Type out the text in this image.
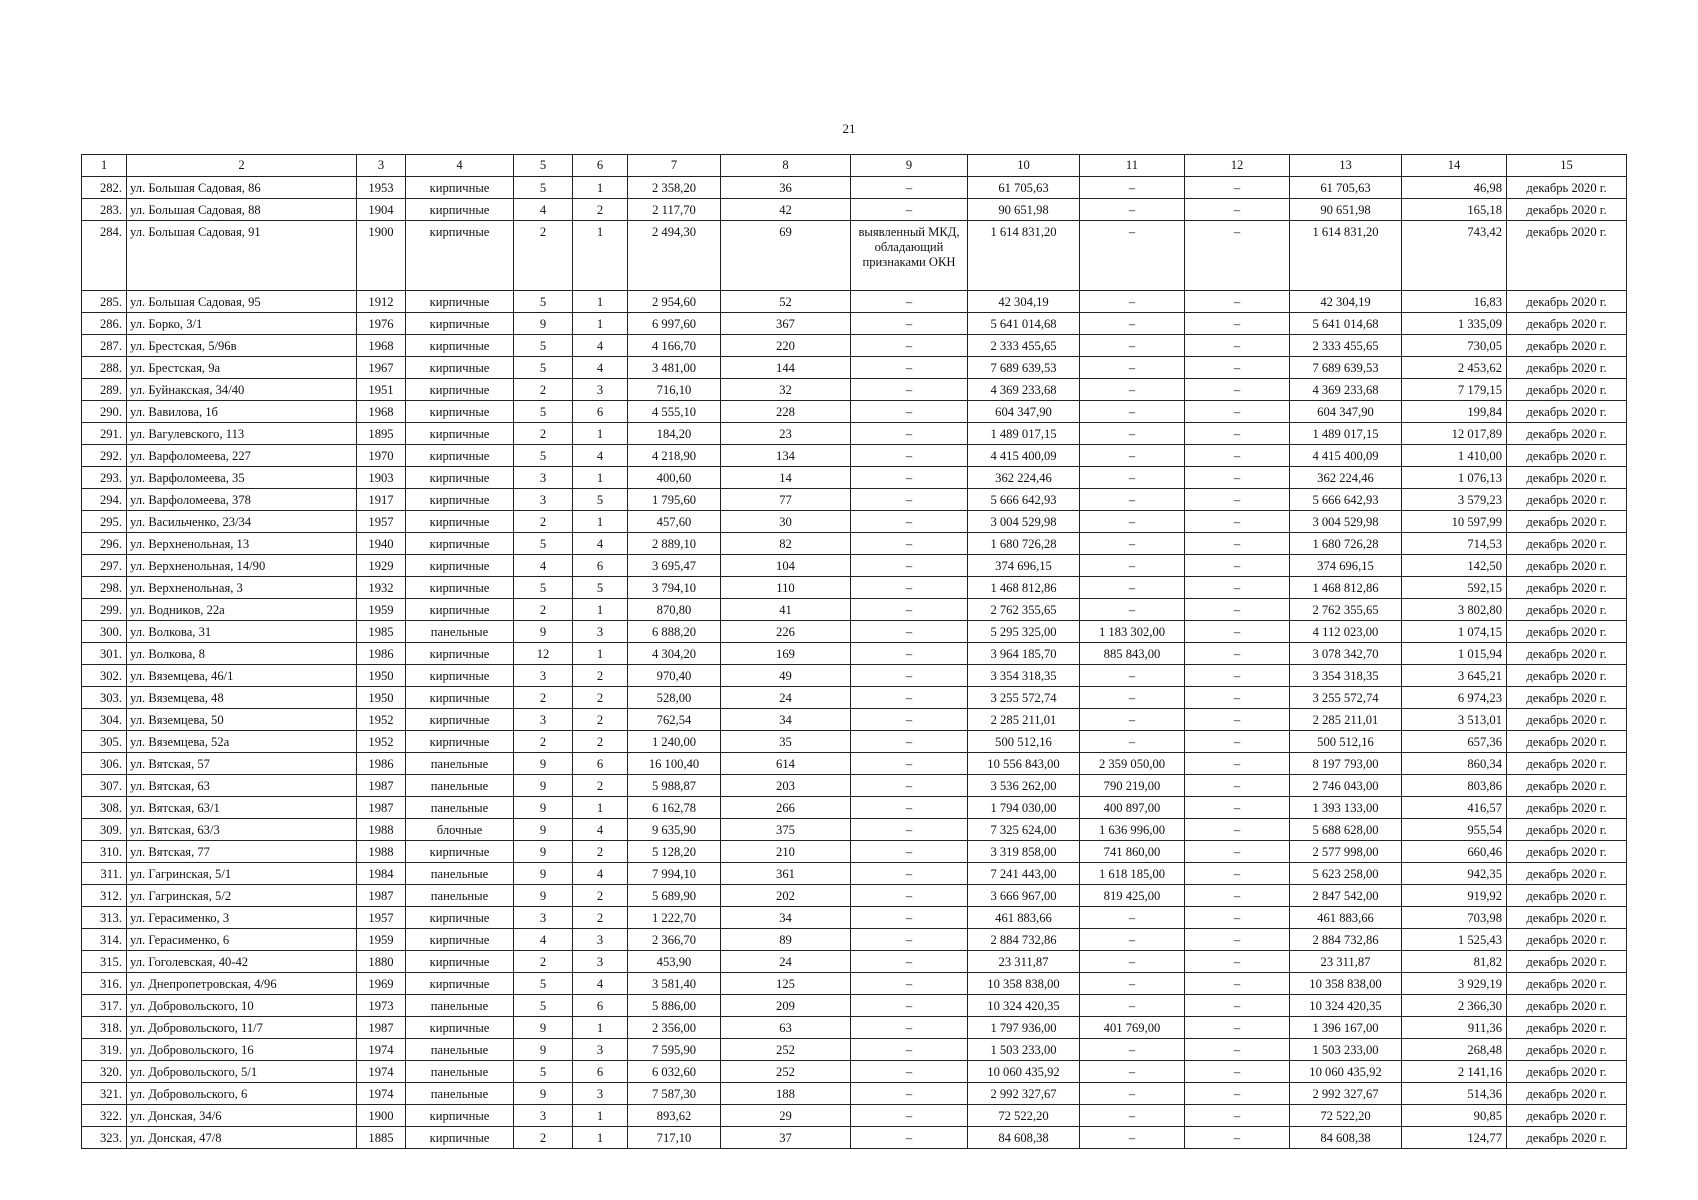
21
1	2	3	4	5	6	7	8	9	10	11	12	13	14	15
282.	ул. Большая Садовая, 86	1953	кирпичные	5	1	2 358,20	36	–	61 705,63	–	–	61 705,63	46,98	декабрь 2020 г.
283.	ул. Большая Садовая, 88	1904	кирпичные	4	2	2 117,70	42	–	90 651,98	–	–	90 651,98	165,18	декабрь 2020 г.
284.	ул. Большая Садовая, 91	1900	кирпичные	2	1	2 494,30	69	выявленный МКД, обладающий признаками ОКН	1 614 831,20	–	–	1 614 831,20	743,42	декабрь 2020 г.
285.	ул. Большая Садовая, 95	1912	кирпичные	5	1	2 954,60	52	–	42 304,19	–	–	42 304,19	16,83	декабрь 2020 г.
286.	ул. Борко, 3/1	1976	кирпичные	9	1	6 997,60	367	–	5 641 014,68	–	–	5 641 014,68	1 335,09	декабрь 2020 г.
287.	ул. Брестская, 5/96в	1968	кирпичные	5	4	4 166,70	220	–	2 333 455,65	–	–	2 333 455,65	730,05	декабрь 2020 г.
288.	ул. Брестская, 9а	1967	кирпичные	5	4	3 481,00	144	–	7 689 639,53	–	–	7 689 639,53	2 453,62	декабрь 2020 г.
289.	ул. Буйнакская, 34/40	1951	кирпичные	2	3	716,10	32	–	4 369 233,68	–	–	4 369 233,68	7 179,15	декабрь 2020 г.
290.	ул. Вавилова, 1б	1968	кирпичные	5	6	4 555,10	228	–	604 347,90	–	–	604 347,90	199,84	декабрь 2020 г.
291.	ул. Вагулевского, 113	1895	кирпичные	2	1	184,20	23	–	1 489 017,15	–	–	1 489 017,15	12 017,89	декабрь 2020 г.
292.	ул. Варфоломеева, 227	1970	кирпичные	5	4	4 218,90	134	–	4 415 400,09	–	–	4 415 400,09	1 410,00	декабрь 2020 г.
293.	ул. Варфоломеева, 35	1903	кирпичные	3	1	400,60	14	–	362 224,46	–	–	362 224,46	1 076,13	декабрь 2020 г.
294.	ул. Варфоломеева, 378	1917	кирпичные	3	5	1 795,60	77	–	5 666 642,93	–	–	5 666 642,93	3 579,23	декабрь 2020 г.
295.	ул. Васильченко, 23/34	1957	кирпичные	2	1	457,60	30	–	3 004 529,98	–	–	3 004 529,98	10 597,99	декабрь 2020 г.
296.	ул. Верхненольная, 13	1940	кирпичные	5	4	2 889,10	82	–	1 680 726,28	–	–	1 680 726,28	714,53	декабрь 2020 г.
297.	ул. Верхненольная, 14/90	1929	кирпичные	4	6	3 695,47	104	–	374 696,15	–	–	374 696,15	142,50	декабрь 2020 г.
298.	ул. Верхненольная, 3	1932	кирпичные	5	5	3 794,10	110	–	1 468 812,86	–	–	1 468 812,86	592,15	декабрь 2020 г.
299.	ул. Водников, 22а	1959	кирпичные	2	1	870,80	41	–	2 762 355,65	–	–	2 762 355,65	3 802,80	декабрь 2020 г.
300.	ул. Волкова, 31	1985	панельные	9	3	6 888,20	226	–	5 295 325,00	1 183 302,00	–	4 112 023,00	1 074,15	декабрь 2020 г.
301.	ул. Волкова, 8	1986	кирпичные	12	1	4 304,20	169	–	3 964 185,70	885 843,00	–	3 078 342,70	1 015,94	декабрь 2020 г.
302.	ул. Вяземцева, 46/1	1950	кирпичные	3	2	970,40	49	–	3 354 318,35	–	–	3 354 318,35	3 645,21	декабрь 2020 г.
303.	ул. Вяземцева, 48	1950	кирпичные	2	2	528,00	24	–	3 255 572,74	–	–	3 255 572,74	6 974,23	декабрь 2020 г.
304.	ул. Вяземцева, 50	1952	кирпичные	3	2	762,54	34	–	2 285 211,01	–	–	2 285 211,01	3 513,01	декабрь 2020 г.
305.	ул. Вяземцева, 52а	1952	кирпичные	2	2	1 240,00	35	–	500 512,16	–	–	500 512,16	657,36	декабрь 2020 г.
306.	ул. Вятская, 57	1986	панельные	9	6	16 100,40	614	–	10 556 843,00	2 359 050,00	–	8 197 793,00	860,34	декабрь 2020 г.
307.	ул. Вятская, 63	1987	панельные	9	2	5 988,87	203	–	3 536 262,00	790 219,00	–	2 746 043,00	803,86	декабрь 2020 г.
308.	ул. Вятская, 63/1	1987	панельные	9	1	6 162,78	266	–	1 794 030,00	400 897,00	–	1 393 133,00	416,57	декабрь 2020 г.
309.	ул. Вятская, 63/3	1988	блочные	9	4	9 635,90	375	–	7 325 624,00	1 636 996,00	–	5 688 628,00	955,54	декабрь 2020 г.
310.	ул. Вятская, 77	1988	кирпичные	9	2	5 128,20	210	–	3 319 858,00	741 860,00	–	2 577 998,00	660,46	декабрь 2020 г.
311.	ул. Гагринская, 5/1	1984	панельные	9	4	7 994,10	361	–	7 241 443,00	1 618 185,00	–	5 623 258,00	942,35	декабрь 2020 г.
312.	ул. Гагринская, 5/2	1987	панельные	9	2	5 689,90	202	–	3 666 967,00	819 425,00	–	2 847 542,00	919,92	декабрь 2020 г.
313.	ул. Герасименко, 3	1957	кирпичные	3	2	1 222,70	34	–	461 883,66	–	–	461 883,66	703,98	декабрь 2020 г.
314.	ул. Герасименко, 6	1959	кирпичные	4	3	2 366,70	89	–	2 884 732,86	–	–	2 884 732,86	1 525,43	декабрь 2020 г.
315.	ул. Гоголевская, 40-42	1880	кирпичные	2	3	453,90	24	–	23 311,87	–	–	23 311,87	81,82	декабрь 2020 г.
316.	ул. Днепропетровская, 4/96	1969	кирпичные	5	4	3 581,40	125	–	10 358 838,00	–	–	10 358 838,00	3 929,19	декабрь 2020 г.
317.	ул. Добровольского, 10	1973	панельные	5	6	5 886,00	209	–	10 324 420,35	–	–	10 324 420,35	2 366,30	декабрь 2020 г.
318.	ул. Добровольского, 11/7	1987	кирпичные	9	1	2 356,00	63	–	1 797 936,00	401 769,00	–	1 396 167,00	911,36	декабрь 2020 г.
319.	ул. Добровольского, 16	1974	панельные	9	3	7 595,90	252	–	1 503 233,00	–	–	1 503 233,00	268,48	декабрь 2020 г.
320.	ул. Добровольского, 5/1	1974	панельные	5	6	6 032,60	252	–	10 060 435,92	–	–	10 060 435,92	2 141,16	декабрь 2020 г.
321.	ул. Добровольского, 6	1974	панельные	9	3	7 587,30	188	–	2 992 327,67	–	–	2 992 327,67	514,36	декабрь 2020 г.
322.	ул. Донская, 34/6	1900	кирпичные	3	1	893,62	29	–	72 522,20	–	–	72 522,20	90,85	декабрь 2020 г.
323.	ул. Донская, 47/8	1885	кирпичные	2	1	717,10	37	–	84 608,38	–	–	84 608,38	124,77	декабрь 2020 г.
